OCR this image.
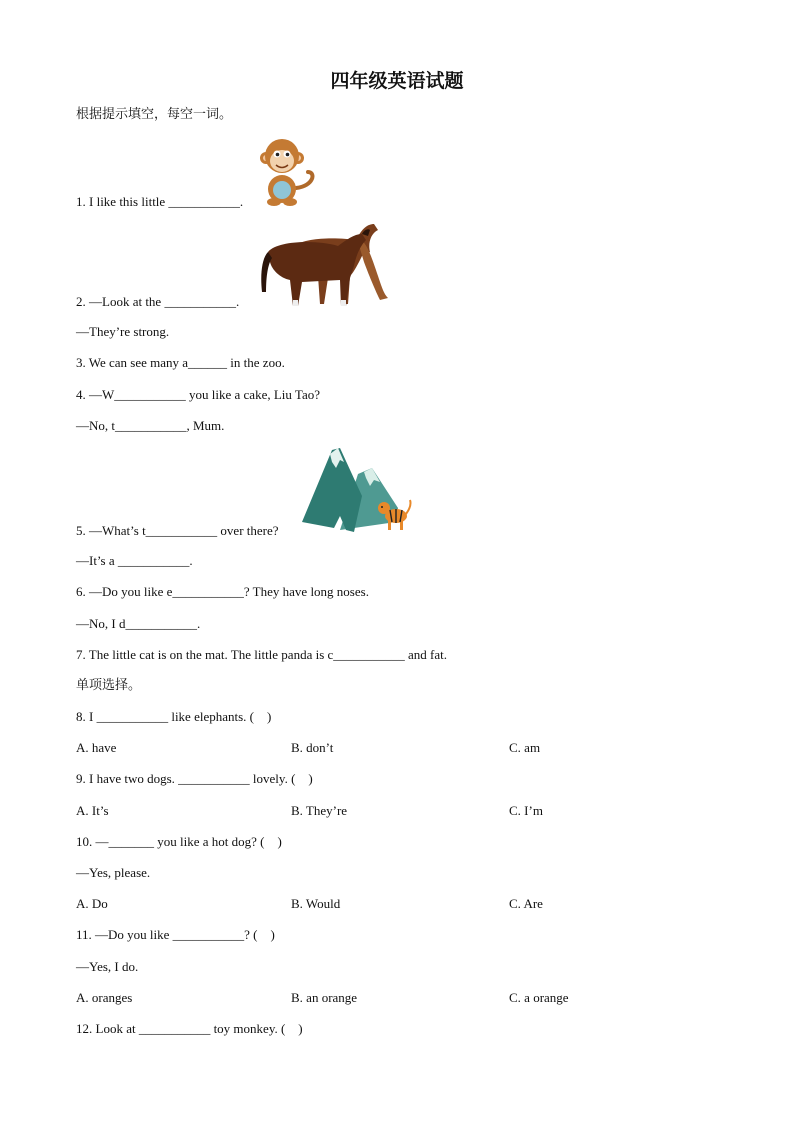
四年级英语试题
根据提示填空，每空一词。
1. I like this little ___________.
2. —Look at the ___________.
—They’re strong.
3. We can see many a______ in the zoo.
4. —W___________ you like a cake, Liu Tao?
—No, t___________, Mum.
5. —What’s t___________ over there?
—It’s a ___________.
6. —Do you like e___________? They have long noses.
—No, I d___________.
7. The little cat is on the mat. The little panda is c___________ and fat.
单项选择。
8. I ___________ like elephants. (    )
A. have	B. don’t	C. am
9. I have two dogs. ___________ lovely. (    )
A. It’s	B. They’re	C. I’m
10. —_______ you like a hot dog? (    )
—Yes, please.
A. Do	B. Would	C. Are
11. —Do you like ___________? (    )
—Yes, I do.
A. oranges	B. an orange	C. a orange
12. Look at ___________ toy monkey. (    )
